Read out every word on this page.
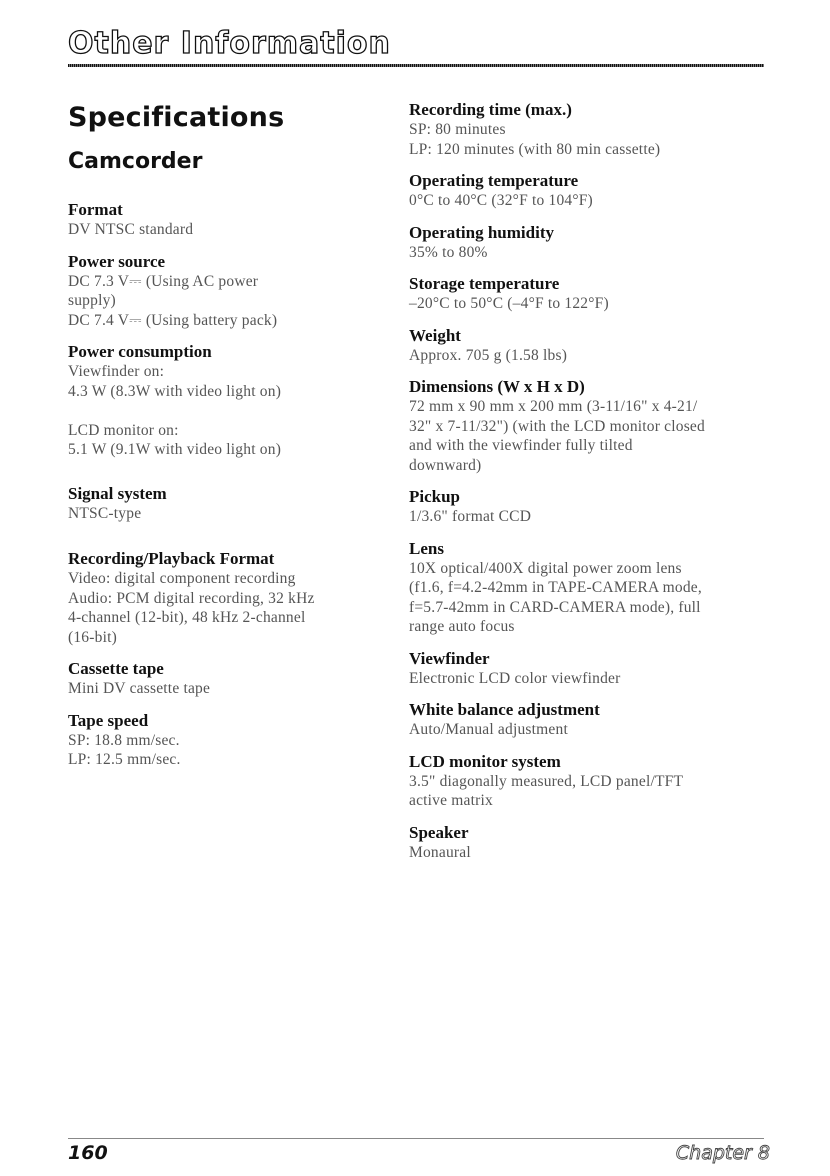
Other Information
Specifications
Camcorder
Format
DV NTSC standard
Power source
DC 7.3 V⎓ (Using AC power
supply)
DC 7.4 V⎓ (Using battery pack)
Power consumption
Viewfinder on:
4.3 W (8.3W with video light on)

LCD monitor on:
5.1 W (9.1W with video light on)
Signal system
NTSC-type
Recording/Playback Format
Video: digital component recording
Audio: PCM digital recording, 32 kHz
4-channel (12-bit), 48 kHz 2-channel
(16-bit)
Cassette tape
Mini DV cassette tape
Tape speed
SP: 18.8 mm/sec.
LP: 12.5 mm/sec.
Recording time (max.)
SP: 80 minutes
LP: 120 minutes (with 80 min cassette)
Operating temperature
0°C to 40°C (32°F to 104°F)
Operating humidity
35% to 80%
Storage temperature
–20°C to 50°C (–4°F to 122°F)
Weight
Approx. 705 g (1.58 lbs)
Dimensions (W x H x D)
72 mm x 90 mm x 200 mm (3-11/16" x 4-21/
32" x 7-11/32") (with the LCD monitor closed
and with the viewfinder fully tilted
downward)
Pickup
1/3.6" format CCD
Lens
10X optical/400X digital power zoom lens
(f1.6, f=4.2-42mm in TAPE-CAMERA mode,
f=5.7-42mm in CARD-CAMERA mode), full
range auto focus
Viewfinder
Electronic LCD color viewfinder
White balance adjustment
Auto/Manual adjustment
LCD monitor system
3.5" diagonally measured, LCD panel/TFT
active matrix
Speaker
Monaural
160	Chapter 8
